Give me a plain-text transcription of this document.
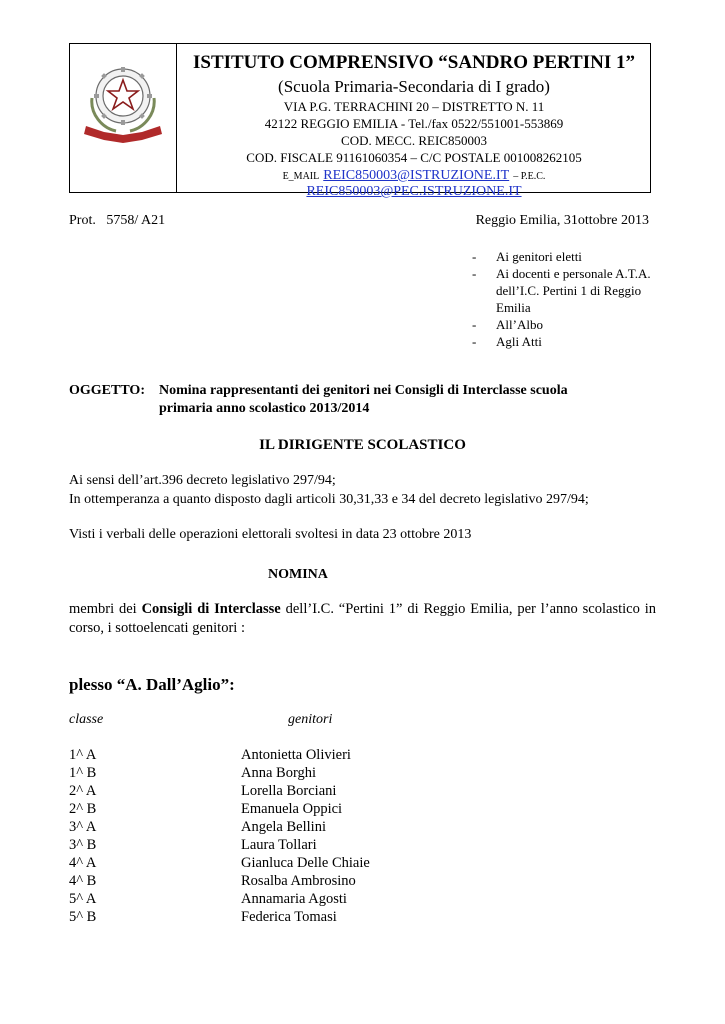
ISTITUTO COMPRENSIVO “SANDRO PERTINI 1”
(Scuola Primaria-Secondaria di I grado)
VIA P.G. TERRACHINI 20 – DISTRETTO N. 11
42122 REGGIO EMILIA - Tel./fax 0522/551001-553869
COD. MECC. REIC850003
COD. FISCALE 91161060354 – C/C POSTALE 001008262105
E_MAIL REIC850003@ISTRUZIONE.IT – P.E.C.
REIC850003@PEC.ISTRUZIONE.IT
Prot.   5758/ A21	Reggio Emilia, 31ottobre 2013
-	Ai genitori eletti
-	Ai docenti e personale A.T.A. dell’I.C. Pertini 1 di Reggio Emilia
-	All’Albo
-	Agli Atti
OGGETTO: Nomina rappresentanti dei genitori nei Consigli di Interclasse scuola
primaria anno scolastico 2013/2014
IL DIRIGENTE SCOLASTICO
Ai sensi dell’art.396 decreto legislativo 297/94;
In ottemperanza a quanto disposto dagli articoli 30,31,33 e 34 del decreto legislativo 297/94;
Visti i verbali delle operazioni elettorali svoltesi in data 23 ottobre 2013
NOMINA
membri dei Consigli di Interclasse dell’I.C. “Pertini 1” di Reggio Emilia, per l’anno scolastico in corso, i sottoelencati genitori :
plesso “A. Dall’Aglio”:
classe	genitori
1^ A	Antonietta Olivieri
1^ B	Anna Borghi
2^ A	Lorella Borciani
2^ B	Emanuela Oppici
3^ A	Angela Bellini
3^ B	Laura Tollari
4^ A	Gianluca Delle Chiaie
4^ B	Rosalba Ambrosino
5^ A	Annamaria Agosti
5^ B	Federica Tomasi
